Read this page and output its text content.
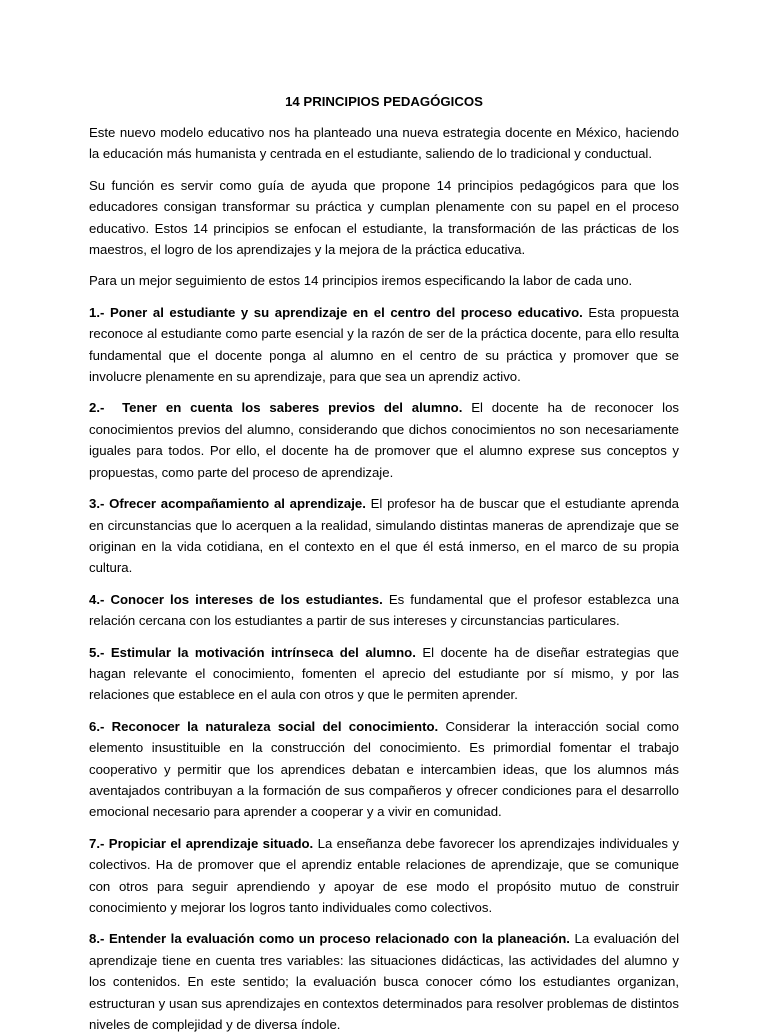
14 PRINCIPIOS PEDAGÓGICOS

Este nuevo modelo educativo nos ha planteado una nueva estrategia docente en México, haciendo la educación más humanista y centrada en el estudiante, saliendo de lo tradicional y conductual.

Su función es servir como guía de ayuda que propone 14 principios pedagógicos para que los educadores consigan transformar su práctica y cumplan plenamente con su papel en el proceso educativo. Estos 14 principios se enfocan el estudiante, la transformación de las prácticas de los maestros, el logro de los aprendizajes y la mejora de la práctica educativa.

Para un mejor seguimiento de estos 14 principios iremos especificando la labor de cada uno.

1.- Poner al estudiante y su aprendizaje en el centro del proceso educativo. Esta propuesta reconoce al estudiante como parte esencial y la razón de ser de la práctica docente, para ello resulta fundamental que el docente ponga al alumno en el centro de su práctica y promover que se involucre plenamente en su aprendizaje, para que sea un aprendiz activo.

2.-  Tener en cuenta los saberes previos del alumno. El docente ha de reconocer los conocimientos previos del alumno, considerando que dichos conocimientos no son necesariamente iguales para todos. Por ello, el docente ha de promover que el alumno exprese sus conceptos y propuestas, como parte del proceso de aprendizaje.

3.- Ofrecer acompañamiento al aprendizaje. El profesor ha de buscar que el estudiante aprenda en circunstancias que lo acerquen a la realidad, simulando distintas maneras de aprendizaje que se originan en la vida cotidiana, en el contexto en el que él está inmerso, en el marco de su propia cultura.

4.- Conocer los intereses de los estudiantes. Es fundamental que el profesor establezca una relación cercana con los estudiantes a partir de sus intereses y circunstancias particulares.

5.- Estimular la motivación intrínseca del alumno. El docente ha de diseñar estrategias que hagan relevante el conocimiento, fomenten el aprecio del estudiante por sí mismo, y por las relaciones que establece en el aula con otros y que le permiten aprender.

6.- Reconocer la naturaleza social del conocimiento. Considerar la interacción social como elemento insustituible en la construcción del conocimiento. Es primordial fomentar el trabajo cooperativo y permitir que los aprendices debatan e intercambien ideas, que los alumnos más aventajados contribuyan a la formación de sus compañeros y ofrecer condiciones para el desarrollo emocional necesario para aprender a cooperar y a vivir en comunidad.

7.- Propiciar el aprendizaje situado. La enseñanza debe favorecer los aprendizajes individuales y colectivos. Ha de promover que el aprendiz entable relaciones de aprendizaje, que se comunique con otros para seguir aprendiendo y apoyar de ese modo el propósito mutuo de construir conocimiento y mejorar los logros tanto individuales como colectivos.

8.- Entender la evaluación como un proceso relacionado con la planeación. La evaluación del aprendizaje tiene en cuenta tres variables: las situaciones didácticas, las actividades del alumno y los contenidos. En este sentido; la evaluación busca conocer cómo los estudiantes organizan, estructuran y usan sus aprendizajes en contextos determinados para resolver problemas de distintos niveles de complejidad y de diversa índole.
